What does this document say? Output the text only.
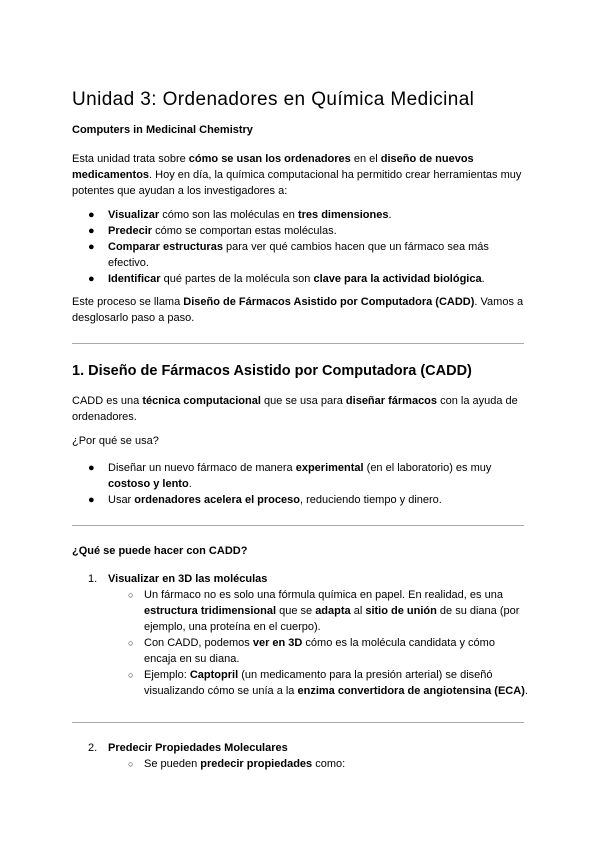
Unidad 3: Ordenadores en Química Medicinal
Computers in Medicinal Chemistry

Esta unidad trata sobre cómo se usan los ordenadores en el diseño de nuevos medicamentos. Hoy en día, la química computacional ha permitido crear herramientas muy potentes que ayudan a los investigadores a:

● Visualizar cómo son las moléculas en tres dimensiones.
● Predecir cómo se comportan estas moléculas.
● Comparar estructuras para ver qué cambios hacen que un fármaco sea más efectivo.
● Identificar qué partes de la molécula son clave para la actividad biológica.

Este proceso se llama Diseño de Fármacos Asistido por Computadora (CADD). Vamos a desglosarlo paso a paso.

1. Diseño de Fármacos Asistido por Computadora (CADD)

CADD es una técnica computacional que se usa para diseñar fármacos con la ayuda de ordenadores.

¿Por qué se usa?

● Diseñar un nuevo fármaco de manera experimental (en el laboratorio) es muy costoso y lento.
● Usar ordenadores acelera el proceso, reduciendo tiempo y dinero.

¿Qué se puede hacer con CADD?

1. Visualizar en 3D las moléculas
○ Un fármaco no es solo una fórmula química en papel. En realidad, es una estructura tridimensional que se adapta al sitio de unión de su diana (por ejemplo, una proteína en el cuerpo).
○ Con CADD, podemos ver en 3D cómo es la molécula candidata y cómo encaja en su diana.
○ Ejemplo: Captopril (un medicamento para la presión arterial) se diseñó visualizando cómo se unía a la enzima convertidora de angiotensina (ECA).
2. Predecir Propiedades Moleculares
○ Se pueden predecir propiedades como:
